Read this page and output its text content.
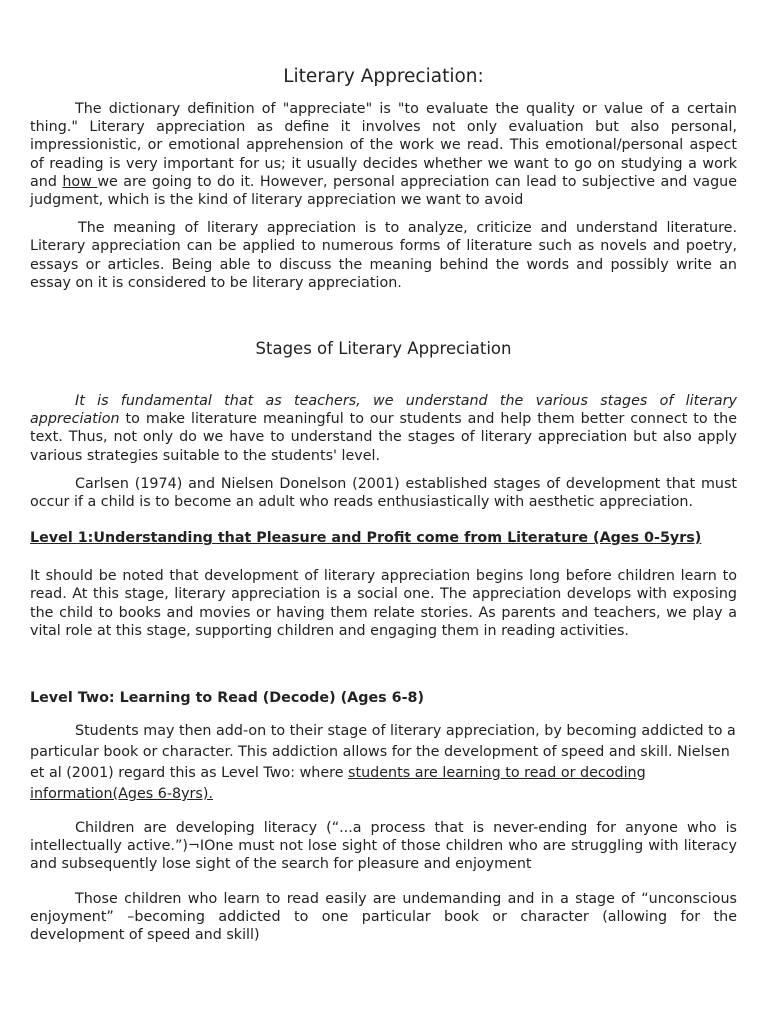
Literary Appreciation:

The dictionary definition of "appreciate" is "to evaluate the quality or value of a certain thing." Literary appreciation as define it involves not only evaluation but also personal, impressionistic, or emotional apprehension of the work we read. This emotional/personal aspect of reading is very important for us; it usually decides whether we want to go on studying a work and how we are going to do it. However, personal appreciation can lead to subjective and vague judgment, which is the kind of literary appreciation we want to avoid

The meaning of literary appreciation is to analyze, criticize and understand literature. Literary appreciation can be applied to numerous forms of literature such as novels and poetry, essays or articles. Being able to discuss the meaning behind the words and possibly write an essay on it is considered to be literary appreciation.

Stages of Literary Appreciation

It is fundamental that as teachers, we understand the various stages of literary appreciation to make literature meaningful to our students and help them better connect to the text. Thus, not only do we have to understand the stages of literary appreciation but also apply various strategies suitable to the students' level.

Carlsen (1974) and Nielsen Donelson (2001) established stages of development that must occur if a child is to become an adult who reads enthusiastically with aesthetic appreciation.

Level 1:Understanding that Pleasure and Profit come from Literature (Ages 0-5yrs)

It should be noted that development of literary appreciation begins long before children learn to read. At this stage, literary appreciation is a social one. The appreciation develops with exposing the child to books and movies or having them relate stories. As parents and teachers, we play a vital role at this stage, supporting children and engaging them in reading activities.

Level Two: Learning to Read (Decode) (Ages 6-8)

Students may then add-on to their stage of literary appreciation, by becoming addicted to a particular book or character. This addiction allows for the development of speed and skill. Nielsen et al (2001) regard this as Level Two: where students are learning to read or decoding information(Ages 6-8yrs).

Children are developing literacy (“...a process that is never-ending for anyone who is intellectually active.”)¬IOne must not lose sight of those children who are struggling with literacy and subsequently lose sight of the search for pleasure and enjoyment

Those children who learn to read easily are undemanding and in a stage of “unconscious enjoyment” –becoming addicted to one particular book or character (allowing for the development of speed and skill)
